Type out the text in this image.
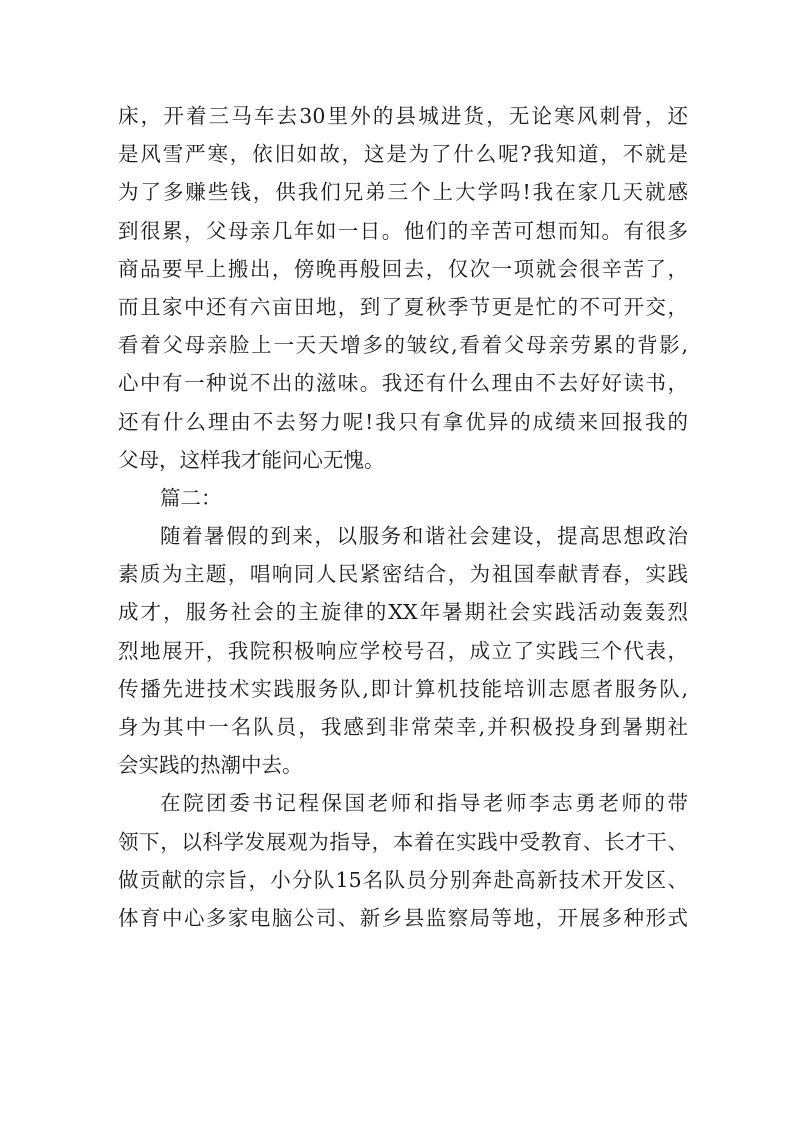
床，开着三马车去30里外的县城进货，无论寒风刺骨，还
是风雪严寒，依旧如故，这是为了什么呢?我知道，不就是
为了多赚些钱，供我们兄弟三个上大学吗!我在家几天就感
到很累，父母亲几年如一日。他们的辛苦可想而知。有很多
商品要早上搬出，傍晚再般回去，仅次一项就会很辛苦了，
而且家中还有六亩田地，到了夏秋季节更是忙的不可开交，
看着父母亲脸上一天天增多的皱纹,看着父母亲劳累的背影,
心中有一种说不出的滋味。我还有什么理由不去好好读书，
还有什么理由不去努力呢!我只有拿优异的成绩来回报我的
父母，这样我才能问心无愧。
篇二：
随着暑假的到来，以服务和谐社会建设，提高思想政治
素质为主题，唱响同人民紧密结合，为祖国奉献青春，实践
成才，服务社会的主旋律的XX年暑期社会实践活动轰轰烈
烈地展开，我院积极响应学校号召，成立了实践三个代表，
传播先进技术实践服务队,即计算机技能培训志愿者服务队,
身为其中一名队员，我感到非常荣幸,并积极投身到暑期社
会实践的热潮中去。
在院团委书记程保国老师和指导老师李志勇老师的带
领下，以科学发展观为指导，本着在实践中受教育、长才干、
做贡献的宗旨，小分队15名队员分别奔赴高新技术开发区、
体育中心多家电脑公司、新乡县监察局等地，开展多种形式
